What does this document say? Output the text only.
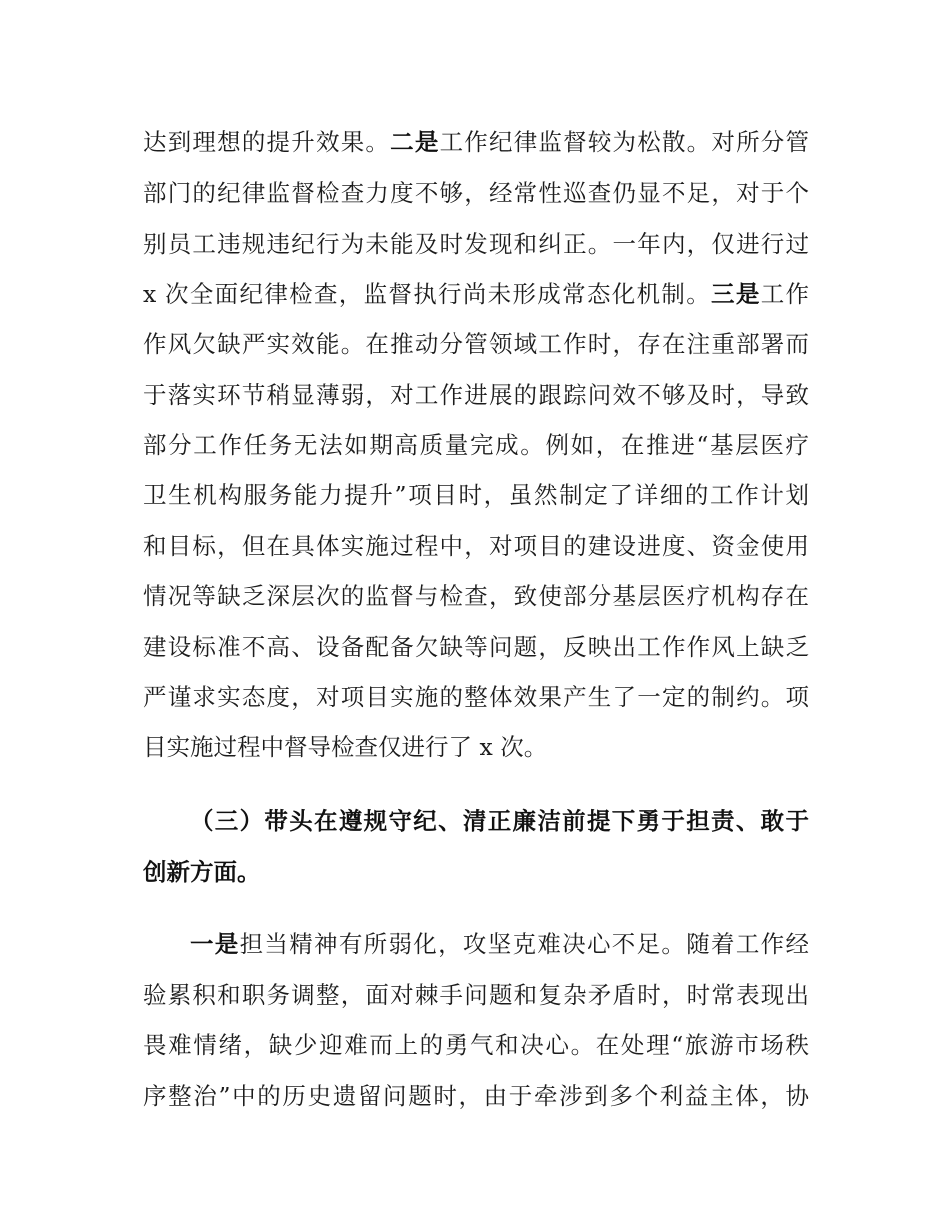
达到理想的提升效果。二是工作纪律监督较为松散。对所分管
部门的纪律监督检查力度不够，经常性巡查仍显不足，对于个
别员工违规违纪行为未能及时发现和纠正。一年内，仅进行过
x 次全面纪律检查，监督执行尚未形成常态化机制。三是工作
作风欠缺严实效能。在推动分管领域工作时，存在注重部署而
于落实环节稍显薄弱，对工作进展的跟踪问效不够及时，导致
部分工作任务无法如期高质量完成。例如，在推进“基层医疗
卫生机构服务能力提升”项目时，虽然制定了详细的工作计划
和目标，但在具体实施过程中，对项目的建设进度、资金使用
情况等缺乏深层次的监督与检查，致使部分基层医疗机构存在
建设标准不高、设备配备欠缺等问题，反映出工作作风上缺乏
严谨求实态度，对项目实施的整体效果产生了一定的制约。项
目实施过程中督导检查仅进行了 x 次。
（三）带头在遵规守纪、清正廉洁前提下勇于担责、敢于
创新方面。
一是担当精神有所弱化，攻坚克难决心不足。随着工作经
验累积和职务调整，面对棘手问题和复杂矛盾时，时常表现出
畏难情绪，缺少迎难而上的勇气和决心。在处理“旅游市场秩
序整治”中的历史遗留问题时，由于牵涉到多个利益主体，协
